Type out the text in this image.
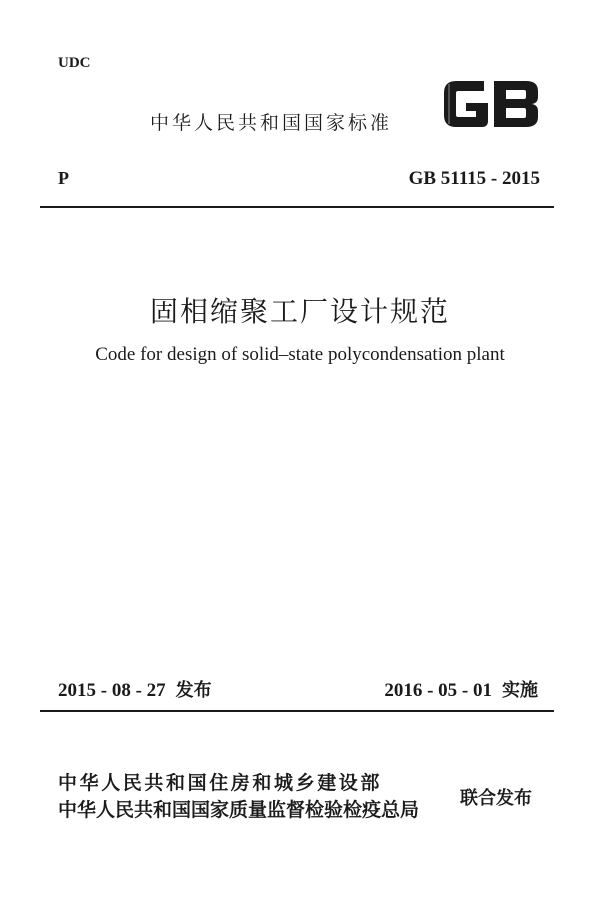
UDC
中华人民共和国国家标准
P	GB 51115 - 2015
固相缩聚工厂设计规范
Code for design of solid–state polycondensation plant
2015 - 08 - 27 发布	2016 - 05 - 01 实施
中华人民共和国住房和城乡建设部
中华人民共和国国家质量监督检验检疫总局
联合发布
